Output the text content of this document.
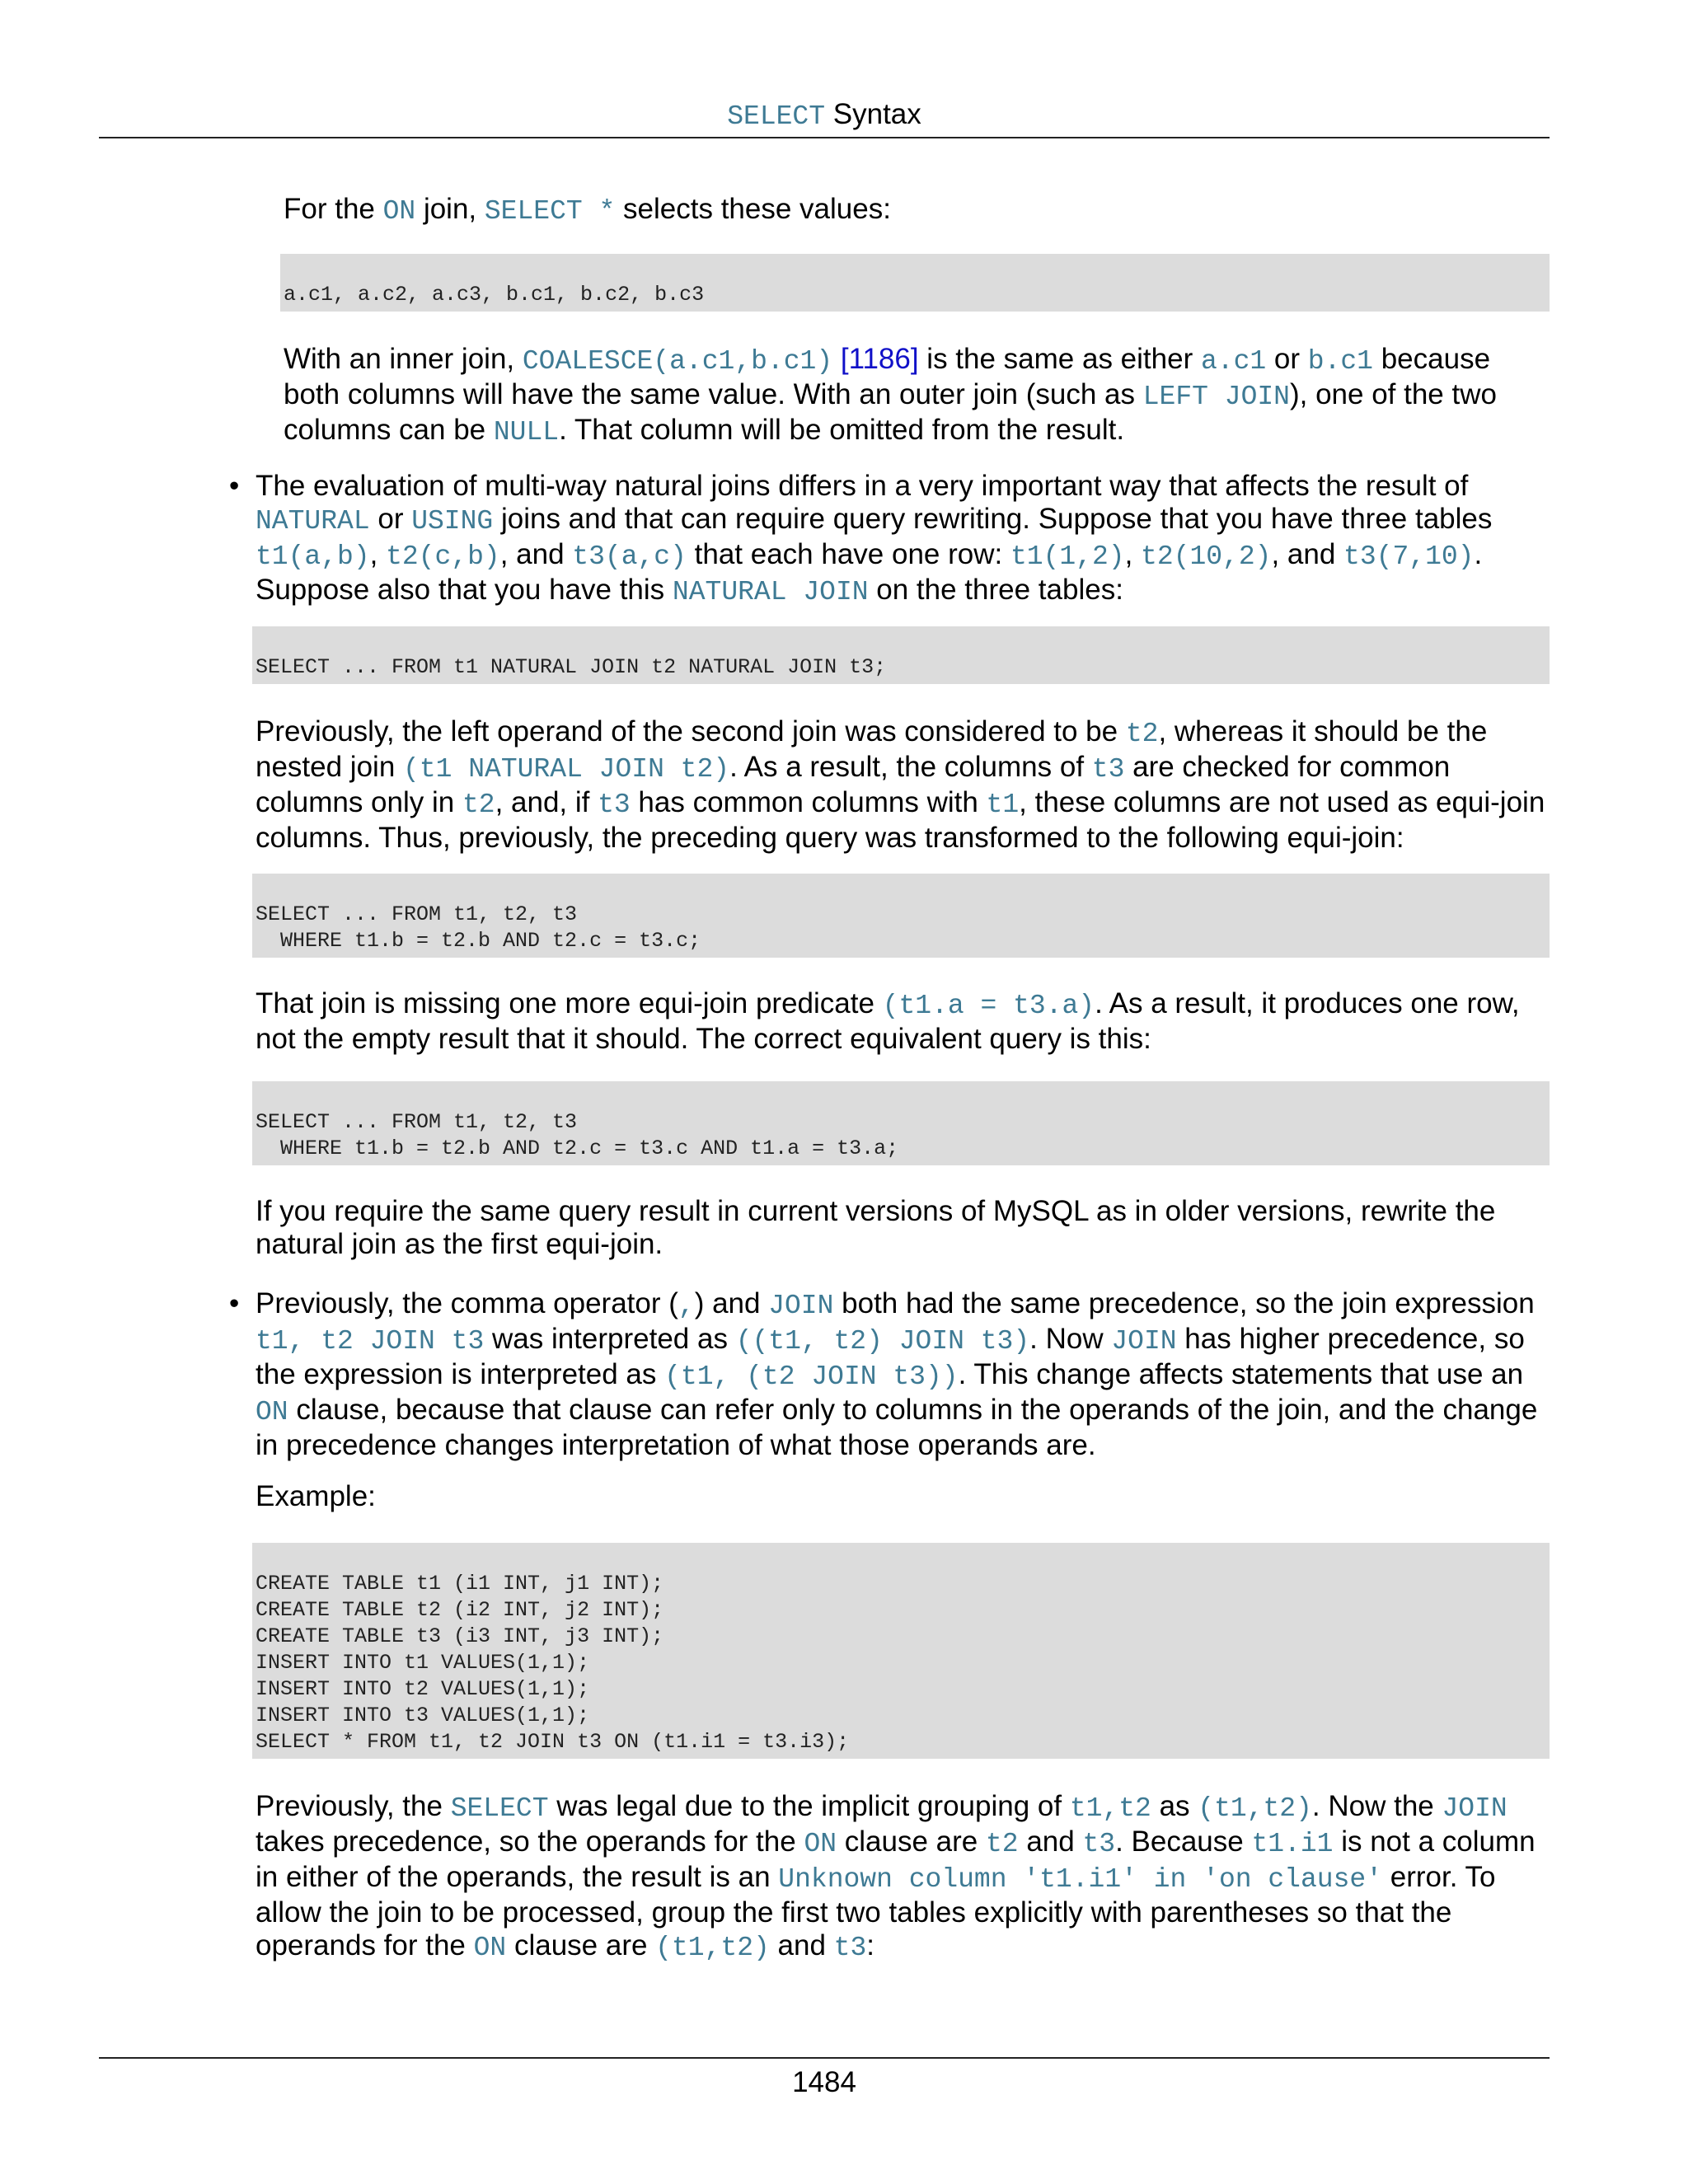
SELECT Syntax
For the ON join, SELECT * selects these values:
a.c1, a.c2, a.c3, b.c1, b.c2, b.c3
With an inner join, COALESCE(a.c1,b.c1) [1186] is the same as either a.c1 or b.c1 because both columns will have the same value. With an outer join (such as LEFT JOIN), one of the two columns can be NULL. That column will be omitted from the result.
• The evaluation of multi-way natural joins differs in a very important way that affects the result of NATURAL or USING joins and that can require query rewriting. Suppose that you have three tables t1(a,b), t2(c,b), and t3(a,c) that each have one row: t1(1,2), t2(10,2), and t3(7,10). Suppose also that you have this NATURAL JOIN on the three tables:
SELECT ... FROM t1 NATURAL JOIN t2 NATURAL JOIN t3;
Previously, the left operand of the second join was considered to be t2, whereas it should be the nested join (t1 NATURAL JOIN t2). As a result, the columns of t3 are checked for common columns only in t2, and, if t3 has common columns with t1, these columns are not used as equi-join columns. Thus, previously, the preceding query was transformed to the following equi-join:
SELECT ... FROM t1, t2, t3
WHERE t1.b = t2.b AND t2.c = t3.c;
That join is missing one more equi-join predicate (t1.a = t3.a). As a result, it produces one row, not the empty result that it should. The correct equivalent query is this:
SELECT ... FROM t1, t2, t3
WHERE t1.b = t2.b AND t2.c = t3.c AND t1.a = t3.a;
If you require the same query result in current versions of MySQL as in older versions, rewrite the natural join as the first equi-join.
• Previously, the comma operator (,) and JOIN both had the same precedence, so the join expression t1, t2 JOIN t3 was interpreted as ((t1, t2) JOIN t3). Now JOIN has higher precedence, so the expression is interpreted as (t1, (t2 JOIN t3)). This change affects statements that use an ON clause, because that clause can refer only to columns in the operands of the join, and the change in precedence changes interpretation of what those operands are.
Example:
CREATE TABLE t1 (i1 INT, j1 INT);
CREATE TABLE t2 (i2 INT, j2 INT);
CREATE TABLE t3 (i3 INT, j3 INT);
INSERT INTO t1 VALUES(1,1);
INSERT INTO t2 VALUES(1,1);
INSERT INTO t3 VALUES(1,1);
SELECT * FROM t1, t2 JOIN t3 ON (t1.i1 = t3.i3);
Previously, the SELECT was legal due to the implicit grouping of t1,t2 as (t1,t2). Now the JOIN takes precedence, so the operands for the ON clause are t2 and t3. Because t1.i1 is not a column in either of the operands, the result is an Unknown column 't1.i1' in 'on clause' error. To allow the join to be processed, group the first two tables explicitly with parentheses so that the operands for the ON clause are (t1,t2) and t3:
1484
